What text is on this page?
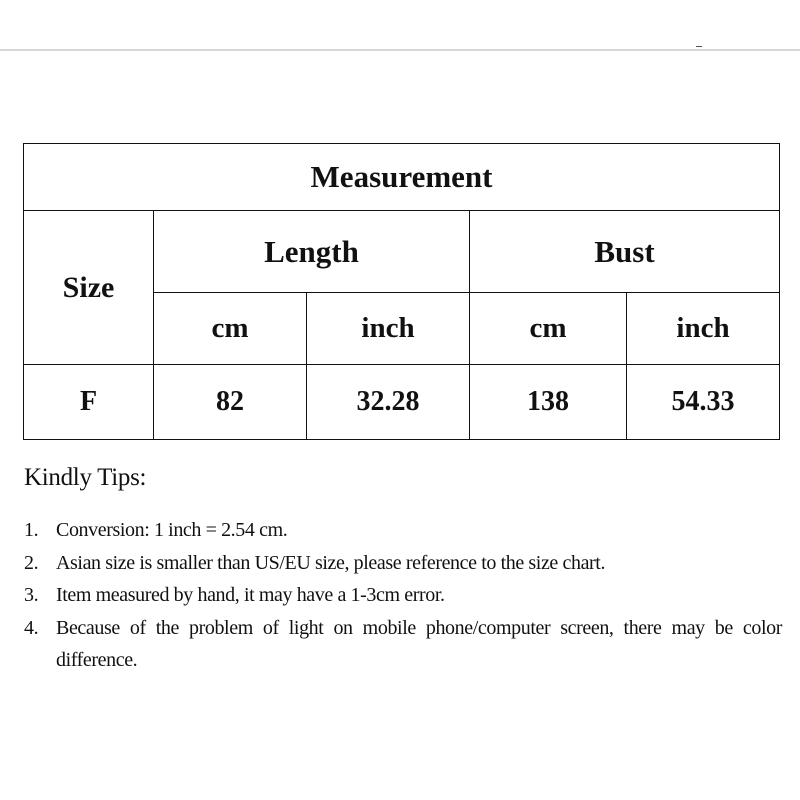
Measurement				
Size	Length		Bust	
	cm	inch	cm	inch
F	82	32.28	138	54.33
Kindly Tips:
1. Conversion: 1 inch = 2.54 cm.
2. Asian size is smaller than US/EU size, please reference to the size chart.
3. Item measured by hand, it may have a 1-3cm error.
4. Because of the problem of light on mobile phone/computer screen, there may be color difference.
